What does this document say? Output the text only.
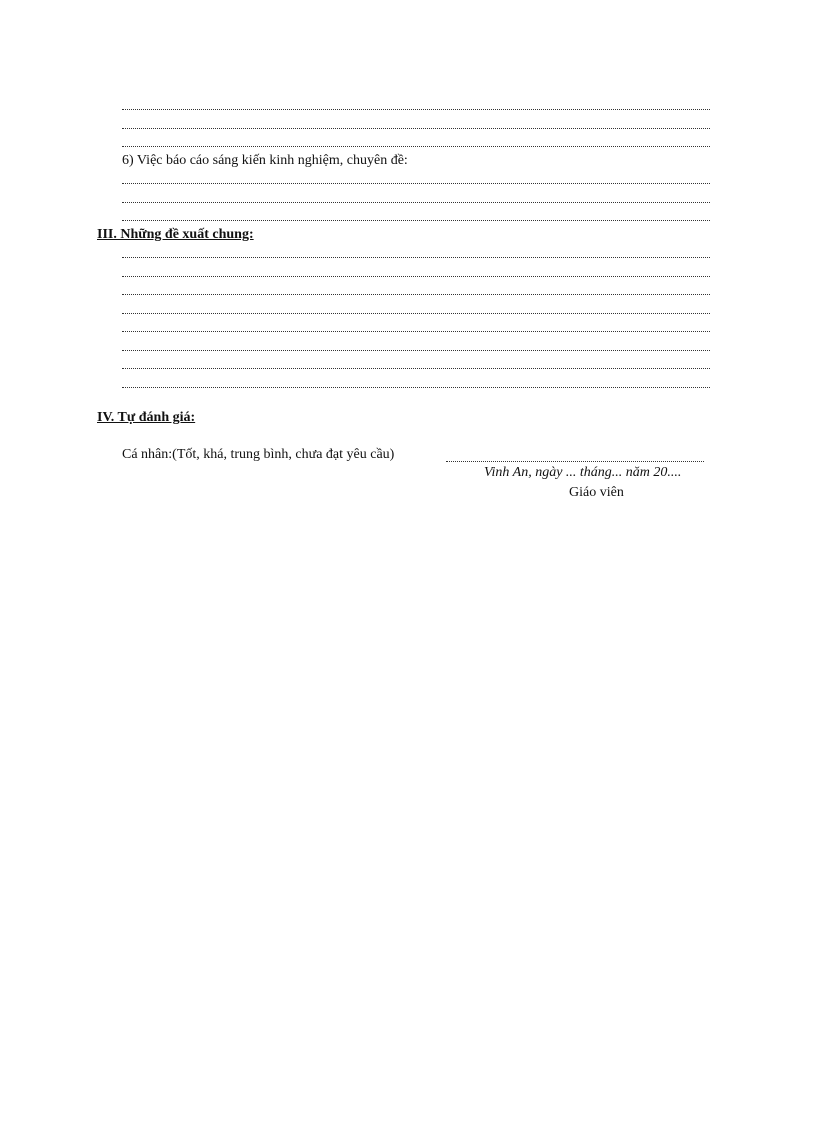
6) Việc báo cáo sáng kiến kinh nghiệm, chuyên đề:
III. Những đề xuất chung:
IV. Tự đánh giá:
Cá nhân:(Tốt, khá, trung bình, chưa đạt yêu cầu)
Vinh An, ngày ... tháng... năm 20....
Giáo viên
